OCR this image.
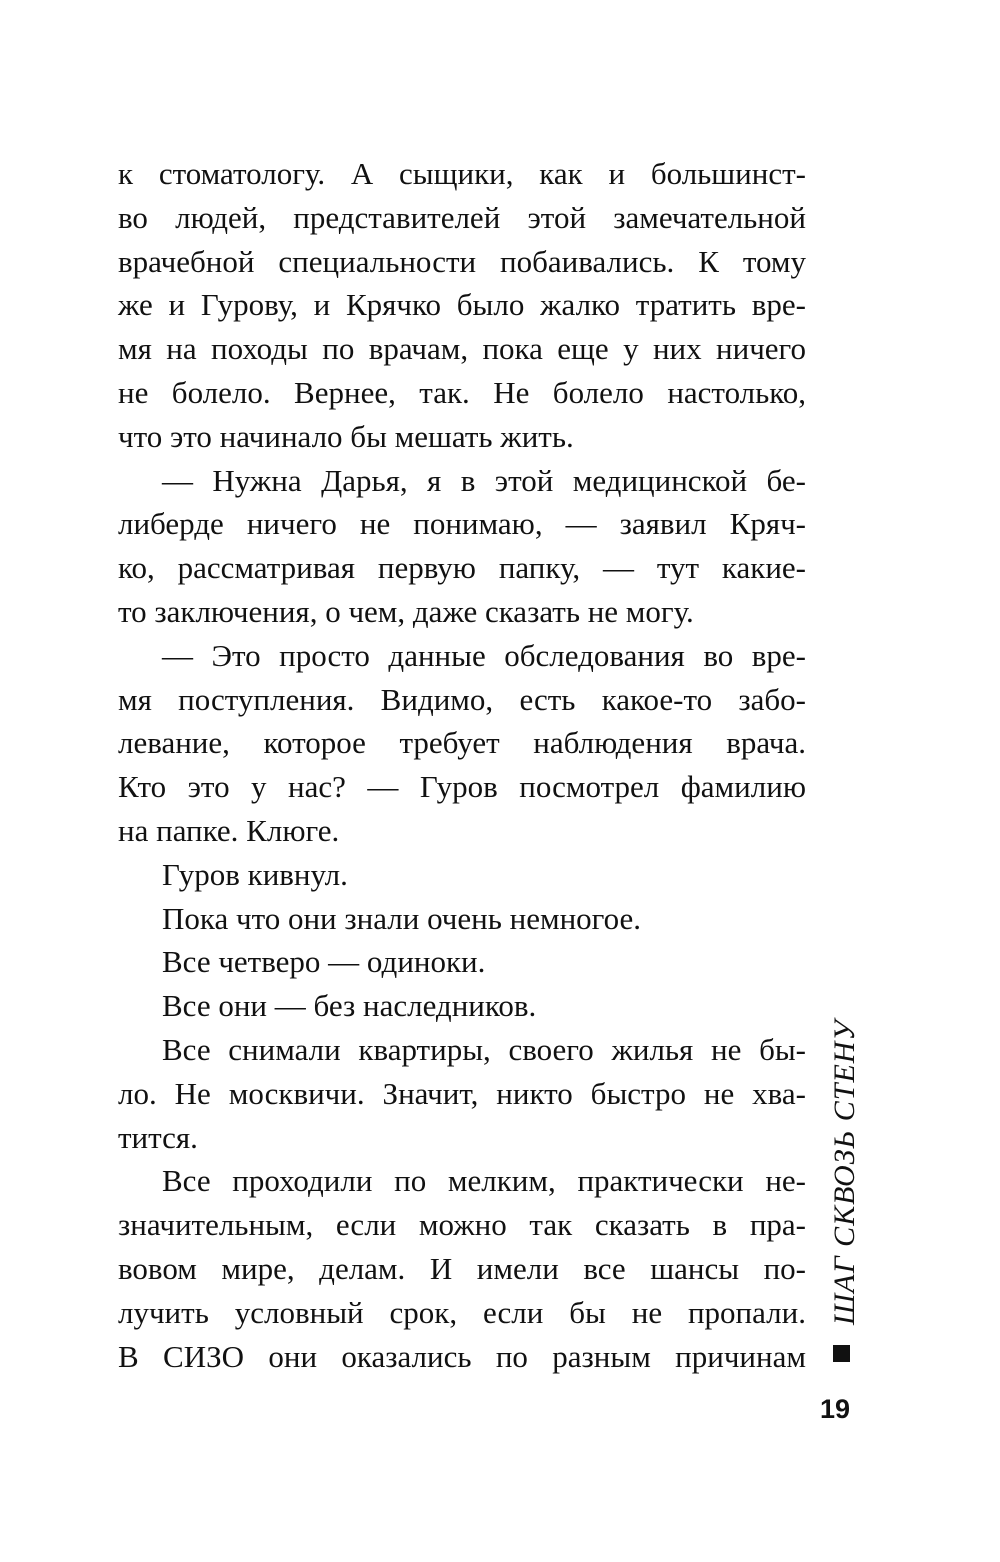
к стоматологу. А сыщики, как и большинст-
во людей, представителей этой замечательной
врачебной специальности побаивались. К тому
же и Гурову, и Крячко было жалко тратить вре-
мя на походы по врачам, пока еще у них ничего
не болело. Вернее, так. Не болело настолько,
что это начинало бы мешать жить.
— Нужна Дарья, я в этой медицинской бе-
либерде ничего не понимаю, — заявил Кряч-
ко, рассматривая первую папку, — тут какие-
то заключения, о чем, даже сказать не могу.
— Это просто данные обследования во вре-
мя поступления. Видимо, есть какое-то забо-
левание, которое требует наблюдения врача.
Кто это у нас? — Гуров посмотрел фамилию
на папке. Клюге.
Гуров кивнул.
Пока что они знали очень немногое.
Все четверо — одиноки.
Все они — без наследников.
Все снимали квартиры, своего жилья не бы-
ло. Не москвичи. Значит, никто быстро не хва-
тится.
Все проходили по мелким, практически не-
значительным, если можно так сказать в пра-
вовом мире, делам. И имели все шансы по-
лучить условный срок, если бы не пропали.
В СИЗО они оказались по разным причинам
ШАГ СКВОЗЬ СТЕНУ
19
